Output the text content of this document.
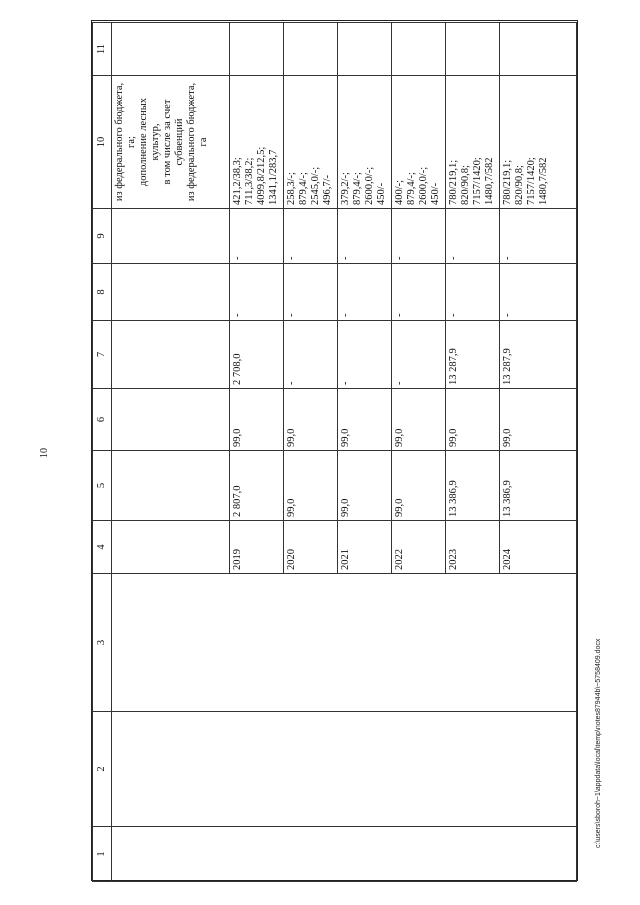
10
c:\users\sboroh~1\appdata\local\temp\notes87944b\~5758409.docx
1	2	3	4	5	6	7	8	9	10	11
									из федерального бюджета, га;
дополнение лесных культур,
в том числе за счет субвенций
из федерального бюджета, га	
			2019	2 807,0	99,0	2 708,0	-	-	421,2/38,3;
711,3/38,2;
4099,8/212,5;
1341,1/283,7	
			2020	99,0	99,0	-	-	-	258,3/-;
879,4/-;
2545,0/-;
496,7/-	
			2021	99,0	99,0	-	-	-	379,2/-;
879,4/-;
2600,0/-;
450/-	
			2022	99,0	99,0	-	-	-	400/-;
879,4/-;
2600,0/-;
450/-	
			2023	13 386,9	99,0	13 287,9	-	-	780/219,1;
820/90,8;
7157/1420;
1480,7/582	
			2024	13 386,9	99,0	13 287,9	-	-	780/219,1;
820/90,8;
7157/1420;
1480,7/582	
